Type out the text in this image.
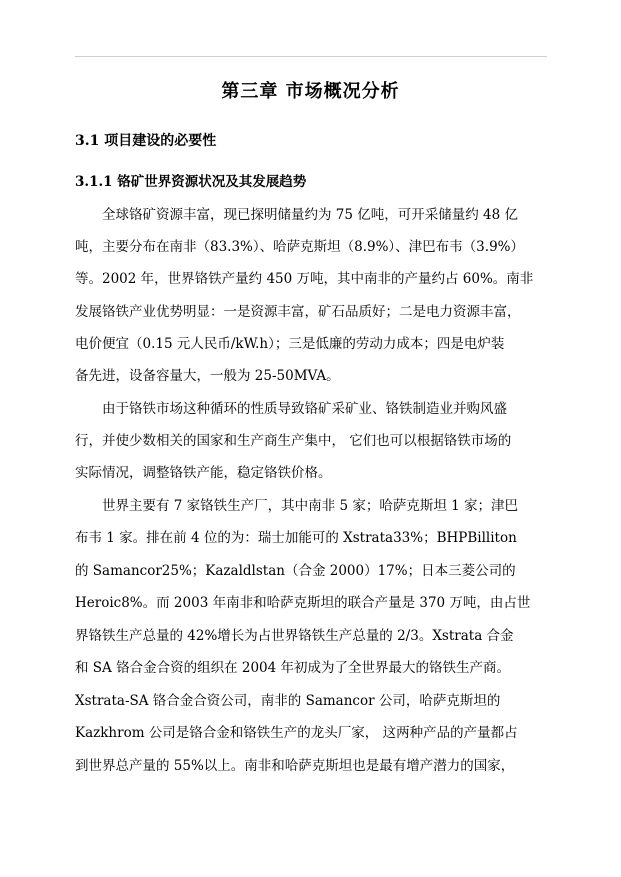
第三章 市场概况分析
3.1 项目建设的必要性
3.1.1 铬矿世界资源状况及其发展趋势
全球铬矿资源丰富，现已探明储量约为 75 亿吨，可开采储量约 48 亿
吨，主要分布在南非（83.3%）、哈萨克斯坦（8.9%）、津巴布韦（3.9%）
等。2002 年，世界铬铁产量约 450 万吨，其中南非的产量约占 60%。南非
发展铬铁产业优势明显：一是资源丰富，矿石品质好；二是电力资源丰富，
电价便宜（0.15 元人民币/kW.h）；三是低廉的劳动力成本；四是电炉装
备先进，设备容量大，一般为 25-50MVA。
由于铬铁市场这种循环的性质导致铬矿采矿业、铬铁制造业并购风盛
行，并使少数相关的国家和生产商生产集中， 它们也可以根据铬铁市场的
实际情况，调整铬铁产能，稳定铬铁价格。
世界主要有 7 家铬铁生产厂，其中南非 5 家；哈萨克斯坦 1 家；津巴
布韦 1 家。排在前 4 位的为：瑞士加能可的 Xstrata33%；BHPBilliton
的 Samancor25%；Kazaldlstan（合金 2000）17%；日本三菱公司的
Heroic8%。而 2003 年南非和哈萨克斯坦的联合产量是 370 万吨，由占世
界铬铁生产总量的 42%增长为占世界铬铁生产总量的 2/3。Xstrata 合金
和 SA 铬合金合资的组织在 2004 年初成为了全世界最大的铬铁生产商。
Xstrata-SA 铬合金合资公司，南非的 Samancor 公司，哈萨克斯坦的
Kazkhrom 公司是铬合金和铬铁生产的龙头厂家， 这两种产品的产量都占
到世界总产量的 55%以上。南非和哈萨克斯坦也是最有增产潜力的国家，
